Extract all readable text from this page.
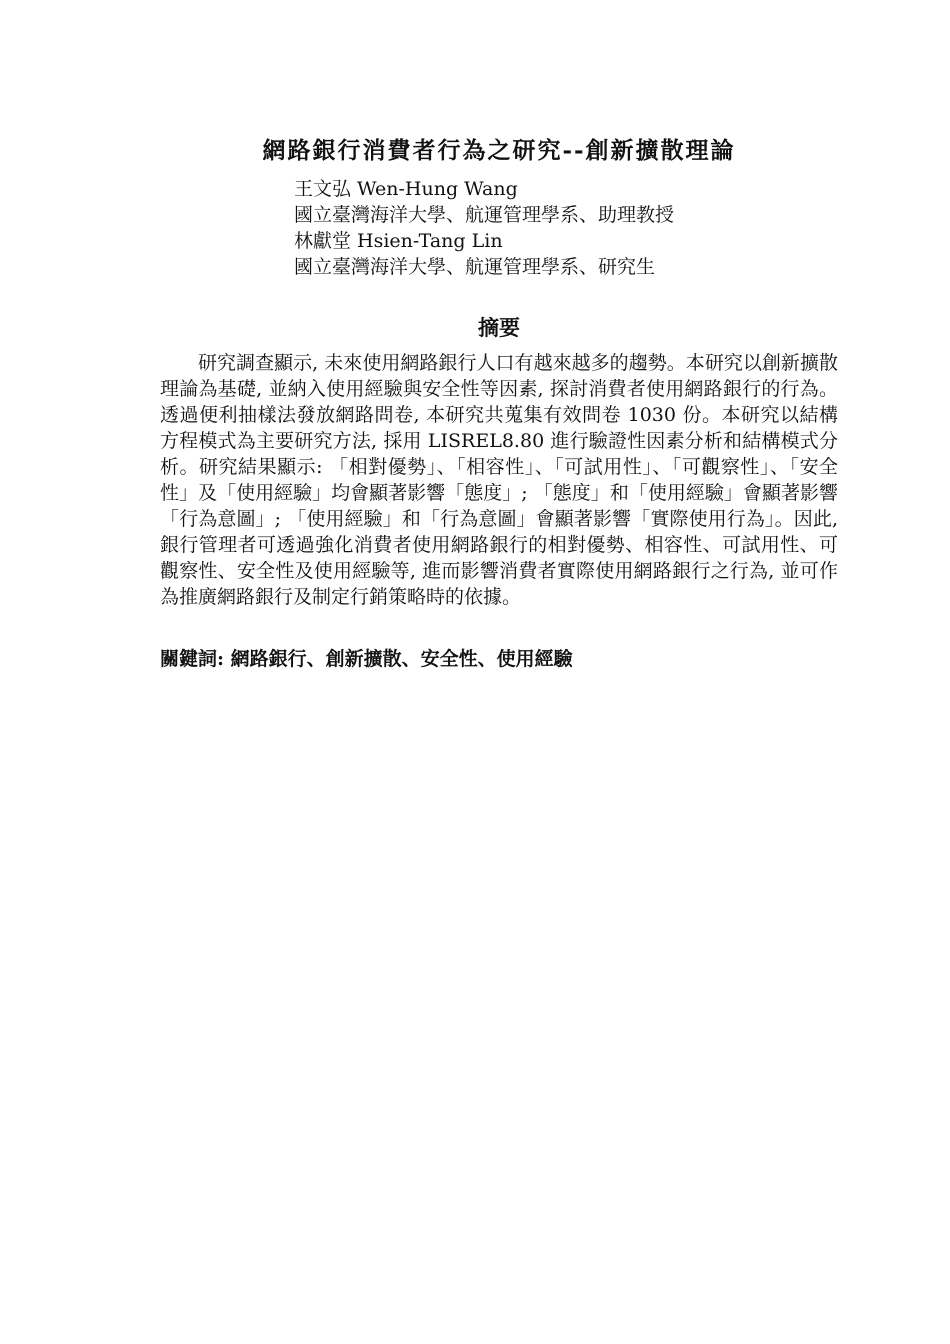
網路銀行消費者行為之研究--創新擴散理論
王文弘 Wen-Hung Wang
國立臺灣海洋大學、航運管理學系、助理教授
林獻堂 Hsien-Tang Lin
國立臺灣海洋大學、航運管理學系、研究生
摘要
研究調查顯示, 未來使用網路銀行人口有越來越多的趨勢。本研究以創新擴散理論為基礎, 並納入使用經驗與安全性等因素, 探討消費者使用網路銀行的行為。透過便利抽樣法發放網路問卷, 本研究共蒐集有效問卷 1030 份。本研究以結構方程模式為主要研究方法, 採用 LISREL8.80 進行驗證性因素分析和結構模式分析。研究結果顯示: 「相對優勢」、「相容性」、「可試用性」、「可觀察性」、「安全性」及「使用經驗」均會顯著影響「態度」; 「態度」和「使用經驗」會顯著影響「行為意圖」; 「使用經驗」和「行為意圖」會顯著影響「實際使用行為」。因此, 銀行管理者可透過強化消費者使用網路銀行的相對優勢、相容性、可試用性、可觀察性、安全性及使用經驗等, 進而影響消費者實際使用網路銀行之行為, 並可作為推廣網路銀行及制定行銷策略時的依據。
關鍵詞: 網路銀行、創新擴散、安全性、使用經驗
